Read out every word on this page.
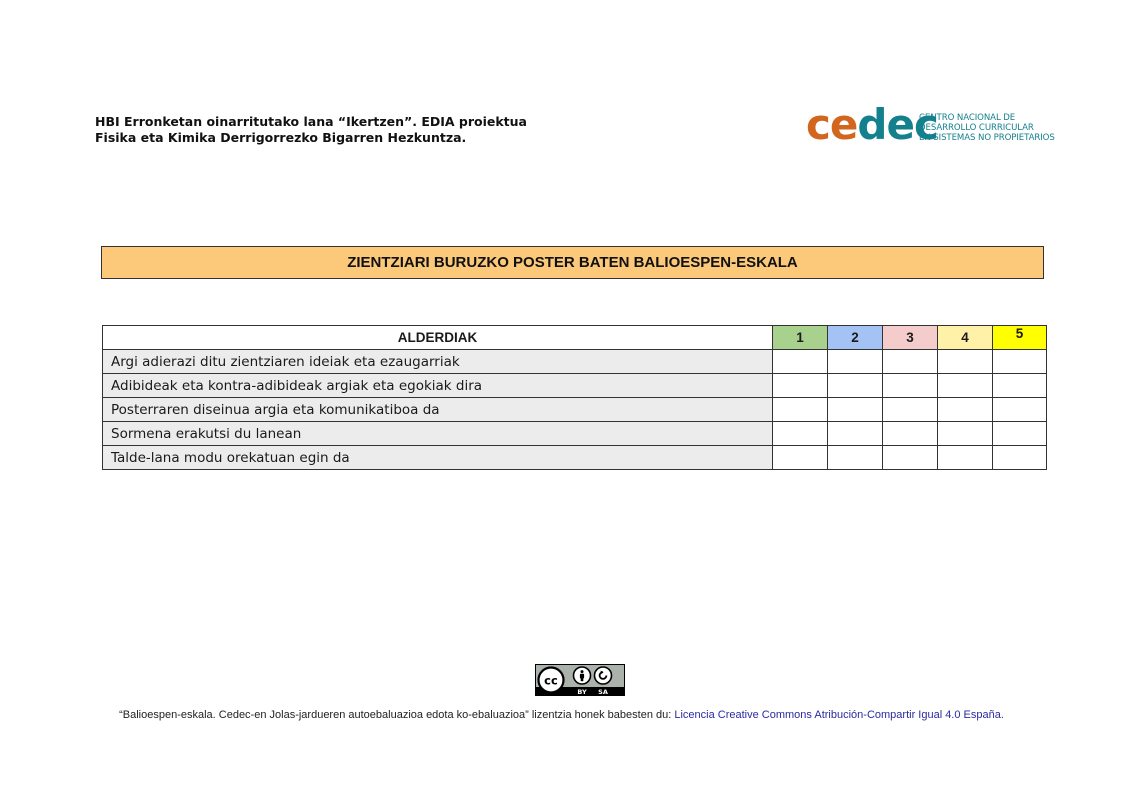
HBI Erronketan oinarritutako lana “Ikertzen”. EDIA proiektua
Fisika eta Kimika Derrigorrezko Bigarren Hezkuntza.	cedec
CENTRO NACIONAL DE
DESARROLLO CURRICULAR
EN SISTEMAS NO PROPIETARIOS
ZIENTZIARI BURUZKO POSTER BATEN BALIOESPEN-ESKALA
ALDERDIAK	1	2	3	4	5
Argi adierazi ditu zientziaren ideiak eta ezaugarriak					
Adibideak eta kontra-adibideak argiak eta egokiak dira					
Posterraren diseinua argia eta komunikatiboa da					
Sormena erakutsi du lanean					
Talde-lana modu orekatuan egin da					
cc
BY SA
“Balioespen-eskala. Cedec-en Jolas-jardueren autoebaluazioa edota ko-ebaluazioa” lizentzia honek babesten du: Licencia Creative Commons Atribución-Compartir Igual 4.0 España.
